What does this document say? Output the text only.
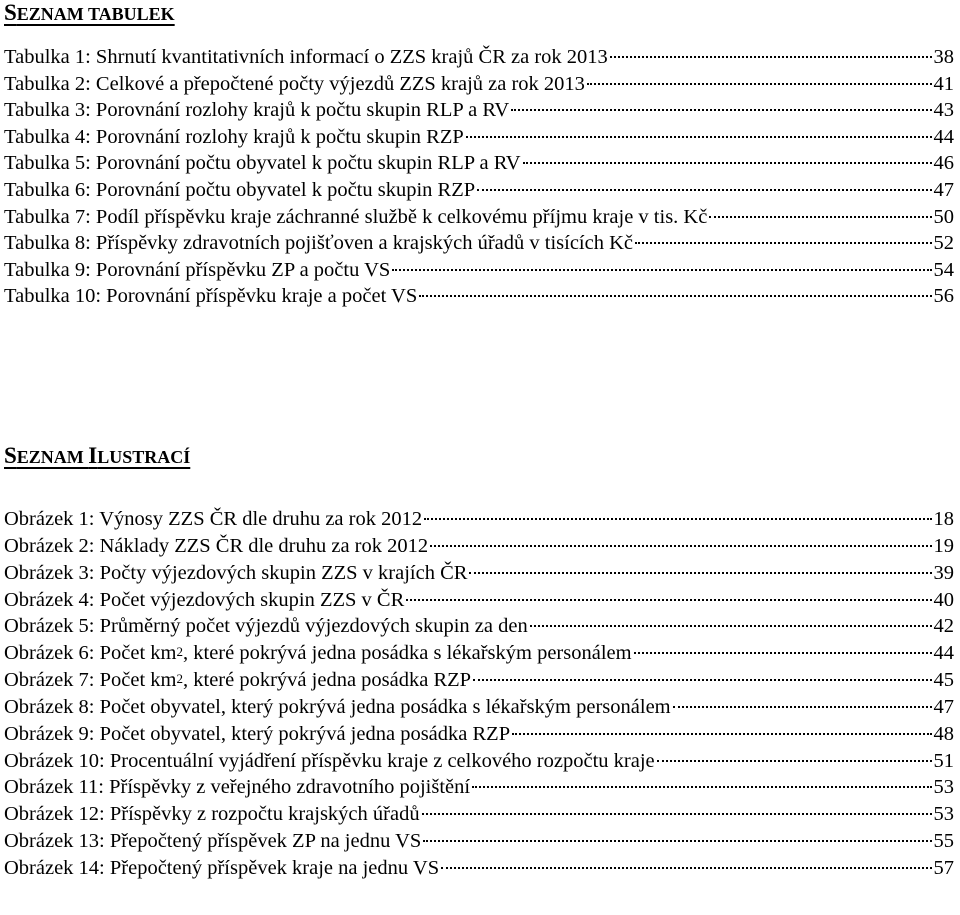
SEZNAM TABULEK
Tabulka 1: Shrnutí kvantitativních informací o ZZS krajů ČR za rok 2013	38
Tabulka 2: Celkové a přepočtené počty výjezdů ZZS krajů za rok 2013	41
Tabulka 3: Porovnání rozlohy krajů k počtu skupin RLP a RV	43
Tabulka 4: Porovnání rozlohy krajů k počtu skupin RZP	44
Tabulka 5: Porovnání počtu obyvatel k počtu skupin RLP a RV	46
Tabulka 6: Porovnání počtu obyvatel k počtu skupin RZP	47
Tabulka 7: Podíl příspěvku kraje záchranné službě k celkovému příjmu kraje v tis. Kč	50
Tabulka 8: Příspěvky zdravotních pojišťoven a krajských úřadů v tisících Kč	52
Tabulka 9: Porovnání příspěvku ZP a počtu VS	54
Tabulka 10: Porovnání příspěvku kraje a počet VS	56
SEZNAM ILUSTRACÍ
Obrázek 1: Výnosy ZZS ČR dle druhu za rok 2012	18
Obrázek 2: Náklady ZZS ČR dle druhu za rok 2012	19
Obrázek 3: Počty výjezdových skupin ZZS v krajích ČR	39
Obrázek 4: Počet výjezdových skupin ZZS v ČR	40
Obrázek 5: Průměrný počet výjezdů výjezdových skupin za den	42
Obrázek 6: Počet $km^2$, které pokrývá jedna posádka s lékařským personálem	44
Obrázek 7: Počet $km^2$, které pokrývá jedna posádka RZP	45
Obrázek 8: Počet obyvatel, který pokrývá jedna posádka s lékařským personálem	47
Obrázek 9: Počet obyvatel, který pokrývá jedna posádka RZP	48
Obrázek 10: Procentuální vyjádření příspěvku kraje z celkového rozpočtu kraje	51
Obrázek 11: Příspěvky z veřejného zdravotního pojištění	53
Obrázek 12: Příspěvky z rozpočtu krajských úřadů	53
Obrázek 13: Přepočtený příspěvek ZP na jednu VS	55
Obrázek 14: Přepočtený příspěvek kraje na jednu VS	57
